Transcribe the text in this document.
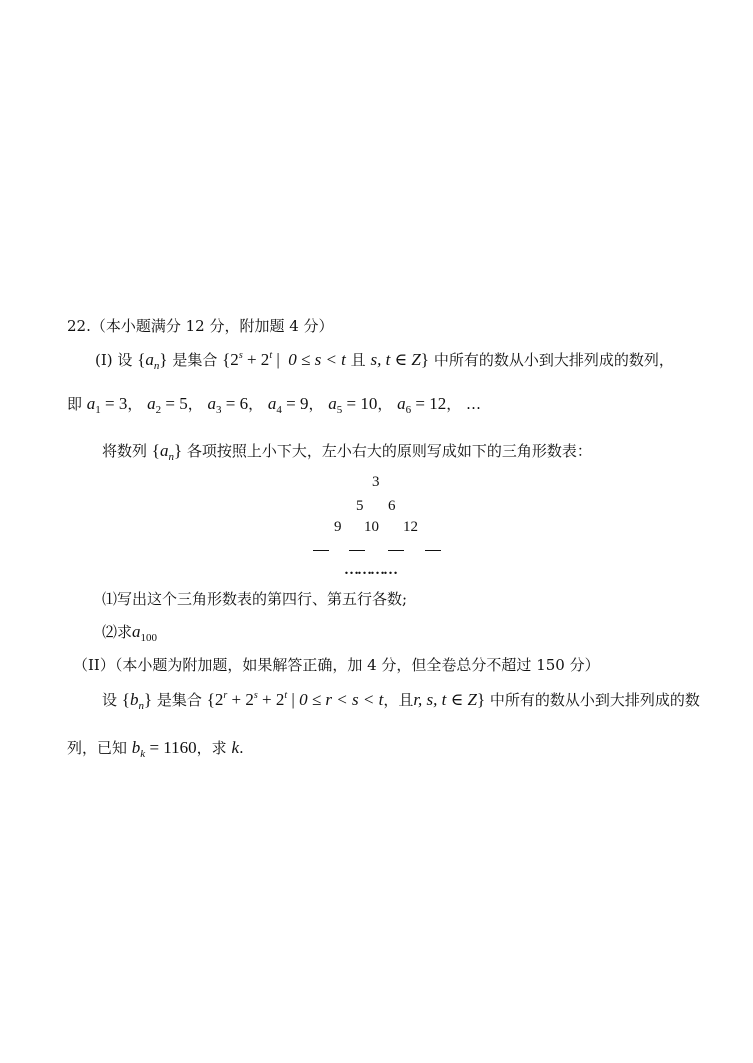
22.（本小题满分 12 分，附加题 4 分）
(I) 设 $\{a_n\}$ 是集合 {$2^s + 2^t$ |  0 ≤ s < t 且 s, t ∈ Z} 中所有的数从小到大排列成的数列，
即 $a_1 = 3$， $a_2 = 5$， $a_3 = 6$， $a_4 = 9$， $a_5 = 10$， $a_6 = 12$， …
将数列 $\{a_n\}$ 各项按照上小下大，左小右大的原则写成如下的三角形数表：
3
5 6
9 10 12
…………
⑴写出这个三角形数表的第四行、第五行各数;
⑵求$a_{100}$
（II）（本小题为附加题，如果解答正确，加 4 分，但全卷总分不超过 150 分）
设 $\{b_n\}$ 是集合 {$2^r + 2^s + 2^t$ | 0 ≤ r < s < t，且r, s, t ∈ Z} 中所有的数从小到大排列成的数
列，已知 $b_k = 1160$，求 k.
